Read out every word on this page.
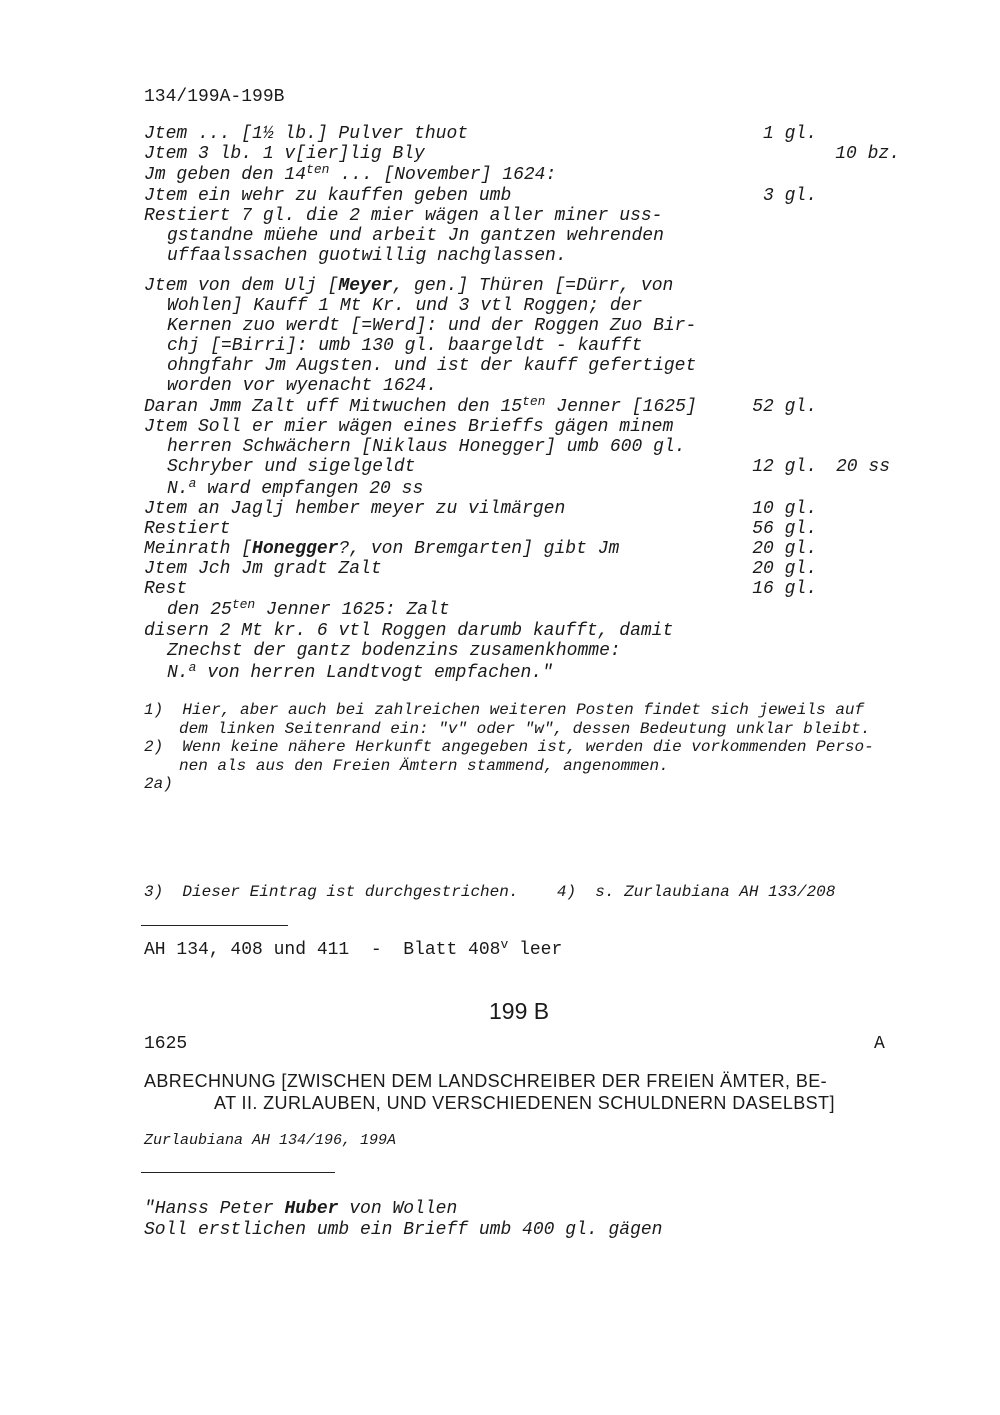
134/199A-199B
Jtem ... [1½ lb.] Pulver thuot	1 gl.
Jtem 3 lb. 1 v[ier]lig Bly	10 bz.
Jm geben den $14^{ten}$ ... [November] 1624:
Jtem ein wehr zu kauffen geben umb	3 gl.
Restiert 7 gl. die 2 mier wägen aller miner uss-
gstandne müehe und arbeit Jn gantzen wehrenden
uffaalssachen guotwillig nachglassen.
Jtem von dem Ulj [Meyer, gen.] Thüren [=Dürr, von
Wohlen] Kauff 1 Mt Kr. und 3 vtl Roggen; der
Kernen zuo werdt [=Werd]: und der Roggen Zuo Bir-
chj [=Birri]: umb 130 gl. baargeldt - kaufft
ohngfahr Jm Augsten. und ist der kauff gefertiget
worden vor wyenacht 1624.
Daran Jmm Zalt uff Mitwuchen den $15^{ten}$ Jenner [1625]	52 gl.
Jtem Soll er mier wägen eines Brieffs gägen minem
herren Schwächern [Niklaus Honegger] umb 600 gl.
Schryber und sigelgeldt	12 gl. 20 ss
N.$^a$ ward empfangen 20 ss
Jtem an Jaglj hember meyer zu vilmärgen	10 gl.
Restiert	56 gl.
Meinrath [Honegger?, von Bremgarten] gibt Jm	20 gl.
Jtem Jch Jm gradt Zalt	20 gl.
Rest	16 gl.
den $25^{ten}$ Jenner 1625: Zalt
disern 2 Mt kr. 6 vtl Roggen darumb kaufft, damit
Znechst der gantz bodenzins zusamenkhomme:
N.$^a$ von herren Landtvogt empfachen."
1)  Hier, aber auch bei zahlreichen weiteren Posten findet sich jeweils auf
dem linken Seitenrand ein: "v" oder "w", dessen Bedeutung unklar bleibt.
2)  Wenn keine nähere Herkunft angegeben ist, werden die vorkommenden Perso-
nen als aus den Freien Ämtern stammend, angenommen.
2a)
3)  Dieser Eintrag ist durchgestrichen.    4)  s. Zurlaubiana AH 133/208
AH 134, 408 und 411  -  Blatt 408$^v$ leer
199 B
1625	A
ABRECHNUNG [ZWISCHEN DEM LANDSCHREIBER DER FREIEN ÄMTER, BE-
AT II. ZURLAUBEN, UND VERSCHIEDENEN SCHULDNERN DASELBST]
Zurlaubiana AH 134/196, 199A
"Hanss Peter Huber von Wollen
Soll erstlichen umb ein Brieff umb 400 gl. gägen
